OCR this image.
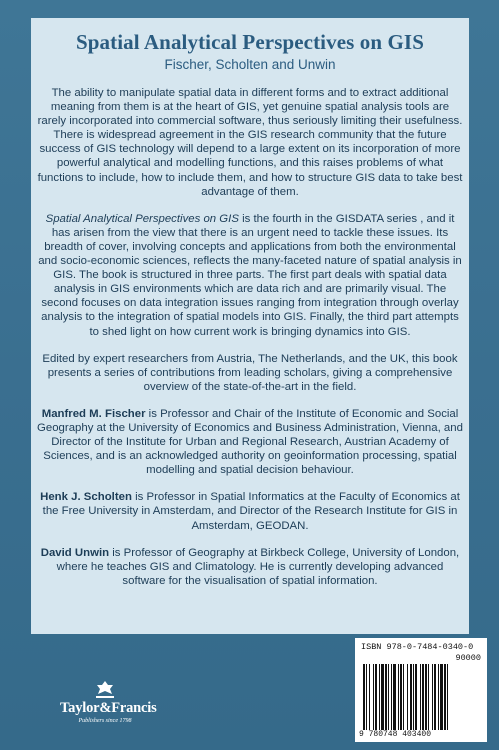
Spatial Analytical Perspectives on GIS
Fischer, Scholten and Unwin

The ability to manipulate spatial data in different forms and to extract additional meaning from them is at the heart of GIS, yet genuine spatial analysis tools are rarely incorporated into commercial software, thus seriously limiting their usefulness. There is widespread agreement in the GIS research community that the future success of GIS technology will depend to a large extent on its incorporation of more powerful analytical and modelling functions, and this raises problems of what functions to include, how to include them, and how to structure GIS data to take best advantage of them.

Spatial Analytical Perspectives on GIS is the fourth in the GISDATA series , and it has arisen from the view that there is an urgent need to tackle these issues. Its breadth of cover, involving concepts and applications from both the environmental and socio-economic sciences, reflects the many-faceted nature of spatial analysis in GIS. The book is structured in three parts. The first part deals with spatial data analysis in GIS environments which are data rich and are primarily visual. The second focuses on data integration issues ranging from integration through overlay analysis to the integration of spatial models into GIS. Finally, the third part attempts to shed light on how current work is bringing dynamics into GIS.

Edited by expert researchers from Austria, The Netherlands, and the UK, this book presents a series of contributions from leading scholars, giving a comprehensive overview of the state-of-the-art in the field.

Manfred M. Fischer is Professor and Chair of the Institute of Economic and Social Geography at the University of Economics and Business Administration, Vienna, and Director of the Institute for Urban and Regional Research, Austrian Academy of Sciences, and is an acknowledged authority on geoinformation processing, spatial modelling and spatial decision behaviour.

Henk J. Scholten is Professor in Spatial Informatics at the Faculty of Economics at the Free University in Amsterdam, and Director of the Research Institute for GIS in Amsterdam, GEODAN.

David Unwin is Professor of Geography at Birkbeck College, University of London, where he teaches GIS and Climatology. He is currently developing advanced software for the visualisation of spatial information.

Taylor&Francis
Publishers since 1798
ISBN 978-0-7484-0340-0
90000
9 780748 403400
